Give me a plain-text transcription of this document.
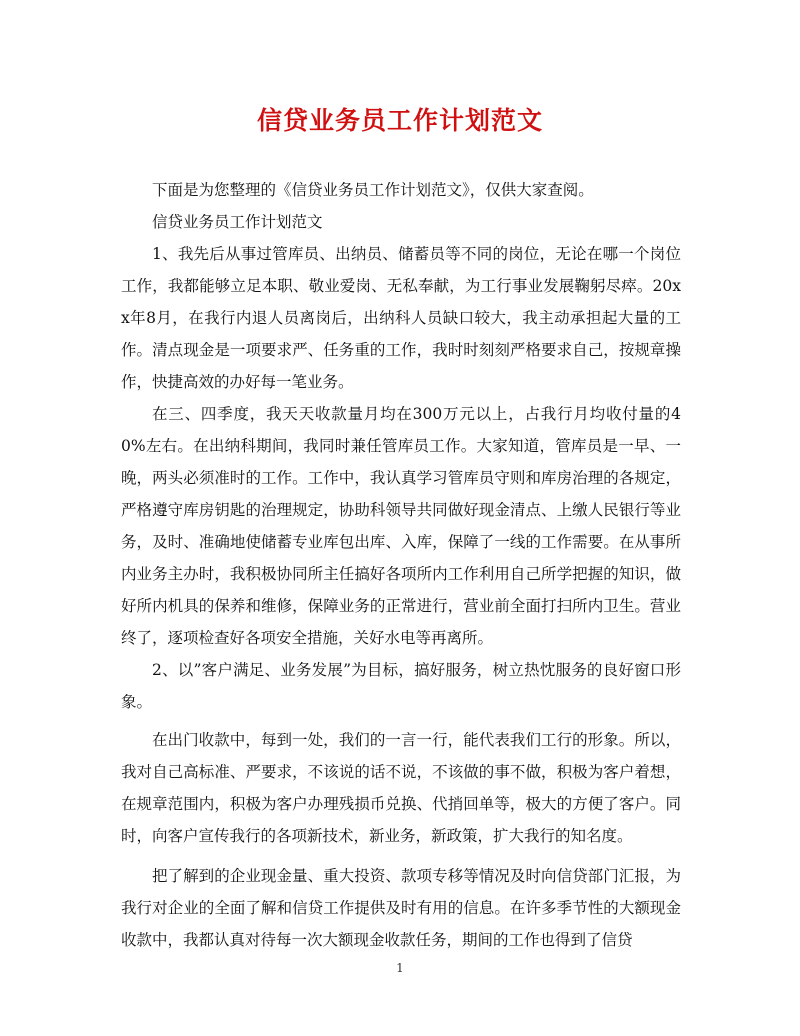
信贷业务员工作计划范文

下面是为您整理的《信贷业务员工作计划范文》，仅供大家查阅。

信贷业务员工作计划范文

1、我先后从事过管库员、出纳员、储蓄员等不同的岗位，无论在哪一个岗位工作，我都能够立足本职、敬业爱岗、无私奉献，为工行事业发展鞠躬尽瘁。20xx年8月，在我行内退人员离岗后，出纳科人员缺口较大，我主动承担起大量的工作。清点现金是一项要求严、任务重的工作，我时时刻刻严格要求自己，按规章操作，快捷高效的办好每一笔业务。

在三、四季度，我天天收款量月均在300万元以上，占我行月均收付量的40%左右。在出纳科期间，我同时兼任管库员工作。大家知道，管库员是一早、一晚，两头必须准时的工作。工作中，我认真学习管库员守则和库房治理的各规定，严格遵守库房钥匙的治理规定，协助科领导共同做好现金清点、上缴人民银行等业务，及时、准确地使储蓄专业库包出库、入库，保障了一线的工作需要。在从事所内业务主办时，我积极协同所主任搞好各项所内工作利用自己所学把握的知识，做好所内机具的保养和维修，保障业务的正常进行，营业前全面打扫所内卫生。营业终了，逐项检查好各项安全措施，关好水电等再离所。

2、以”客户满足、业务发展”为目标，搞好服务，树立热忱服务的良好窗口形象。

在出门收款中，每到一处，我们的一言一行，能代表我们工行的形象。所以，我对自己高标准、严要求，不该说的话不说，不该做的事不做，积极为客户着想，在规章范围内，积极为客户办理残损币兑换、代捎回单等，极大的方便了客户。同时，向客户宣传我行的各项新技术，新业务，新政策，扩大我行的知名度。

把了解到的企业现金量、重大投资、款项专移等情况及时向信贷部门汇报，为我行对企业的全面了解和信贷工作提供及时有用的信息。在许多季节性的大额现金收款中，我都认真对待每一次大额现金收款任务，期间的工作也得到了信贷

1
